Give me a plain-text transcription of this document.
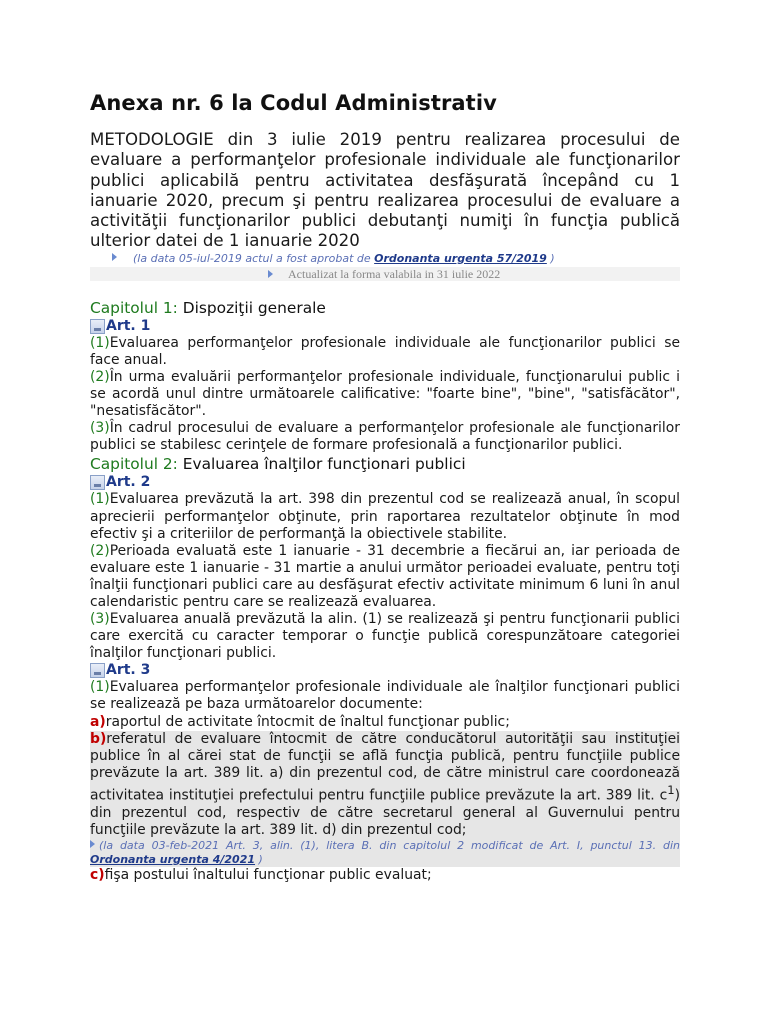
Anexa nr. 6 la Codul Administrativ

METODOLOGIE din 3 iulie 2019 pentru realizarea procesului de evaluare a performanţelor profesionale individuale ale funcţionarilor publici aplicabilă pentru activitatea desfăşurată începând cu 1 ianuarie 2020, precum şi pentru realizarea procesului de evaluare a activităţii funcţionarilor publici debutanţi numiţi în funcţia publică ulterior datei de 1 ianuarie 2020

(la data 05-iul-2019 actul a fost aprobat de Ordonanta urgenta 57/2019 )

Actualizat la forma valabila in 31 iulie 2022

Capitolul 1: Dispoziţii generale

Art. 1

(1)Evaluarea performanţelor profesionale individuale ale funcţionarilor publici se face anual.

(2)În urma evaluării performanţelor profesionale individuale, funcţionarului public i se acordă unul dintre următoarele calificative: "foarte bine", "bine", "satisfăcător", "nesatisfăcător".

(3)În cadrul procesului de evaluare a performanţelor profesionale ale funcţionarilor publici se stabilesc cerinţele de formare profesională a funcţionarilor publici.

Capitolul 2: Evaluarea înalţilor funcţionari publici

Art. 2

(1)Evaluarea prevăzută la art. 398 din prezentul cod se realizează anual, în scopul aprecierii performanţelor obţinute, prin raportarea rezultatelor obţinute în mod efectiv şi a criteriilor de performanţă la obiectivele stabilite.

(2)Perioada evaluată este 1 ianuarie - 31 decembrie a fiecărui an, iar perioada de evaluare este 1 ianuarie - 31 martie a anului următor perioadei evaluate, pentru toţi înalţii funcţionari publici care au desfăşurat efectiv activitate minimum 6 luni în anul calendaristic pentru care se realizează evaluarea.

(3)Evaluarea anuală prevăzută la alin. (1) se realizează şi pentru funcţionarii publici care exercită cu caracter temporar o funcţie publică corespunzătoare categoriei înalţilor funcţionari publici.

Art. 3

(1)Evaluarea performanţelor profesionale individuale ale înalţilor funcţionari publici se realizează pe baza următoarelor documente:

a)raportul de activitate întocmit de înaltul funcţionar public;

b)referatul de evaluare întocmit de către conducătorul autorităţii sau instituţiei publice în al cărei stat de funcţii se află funcţia publică, pentru funcţiile publice prevăzute la art. 389 lit. a) din prezentul cod, de către ministrul care coordonează activitatea instituţiei prefectului pentru funcţiile publice prevăzute la art. 389 lit. $c^1$) din prezentul cod, respectiv de către secretarul general al Guvernului pentru funcţiile prevăzute la art. 389 lit. d) din prezentul cod;

(la data 03-feb-2021 Art. 3, alin. (1), litera B. din capitolul 2 modificat de Art. I, punctul 13. din Ordonanta urgenta 4/2021 )

c)fişa postului înaltului funcţionar public evaluat;
